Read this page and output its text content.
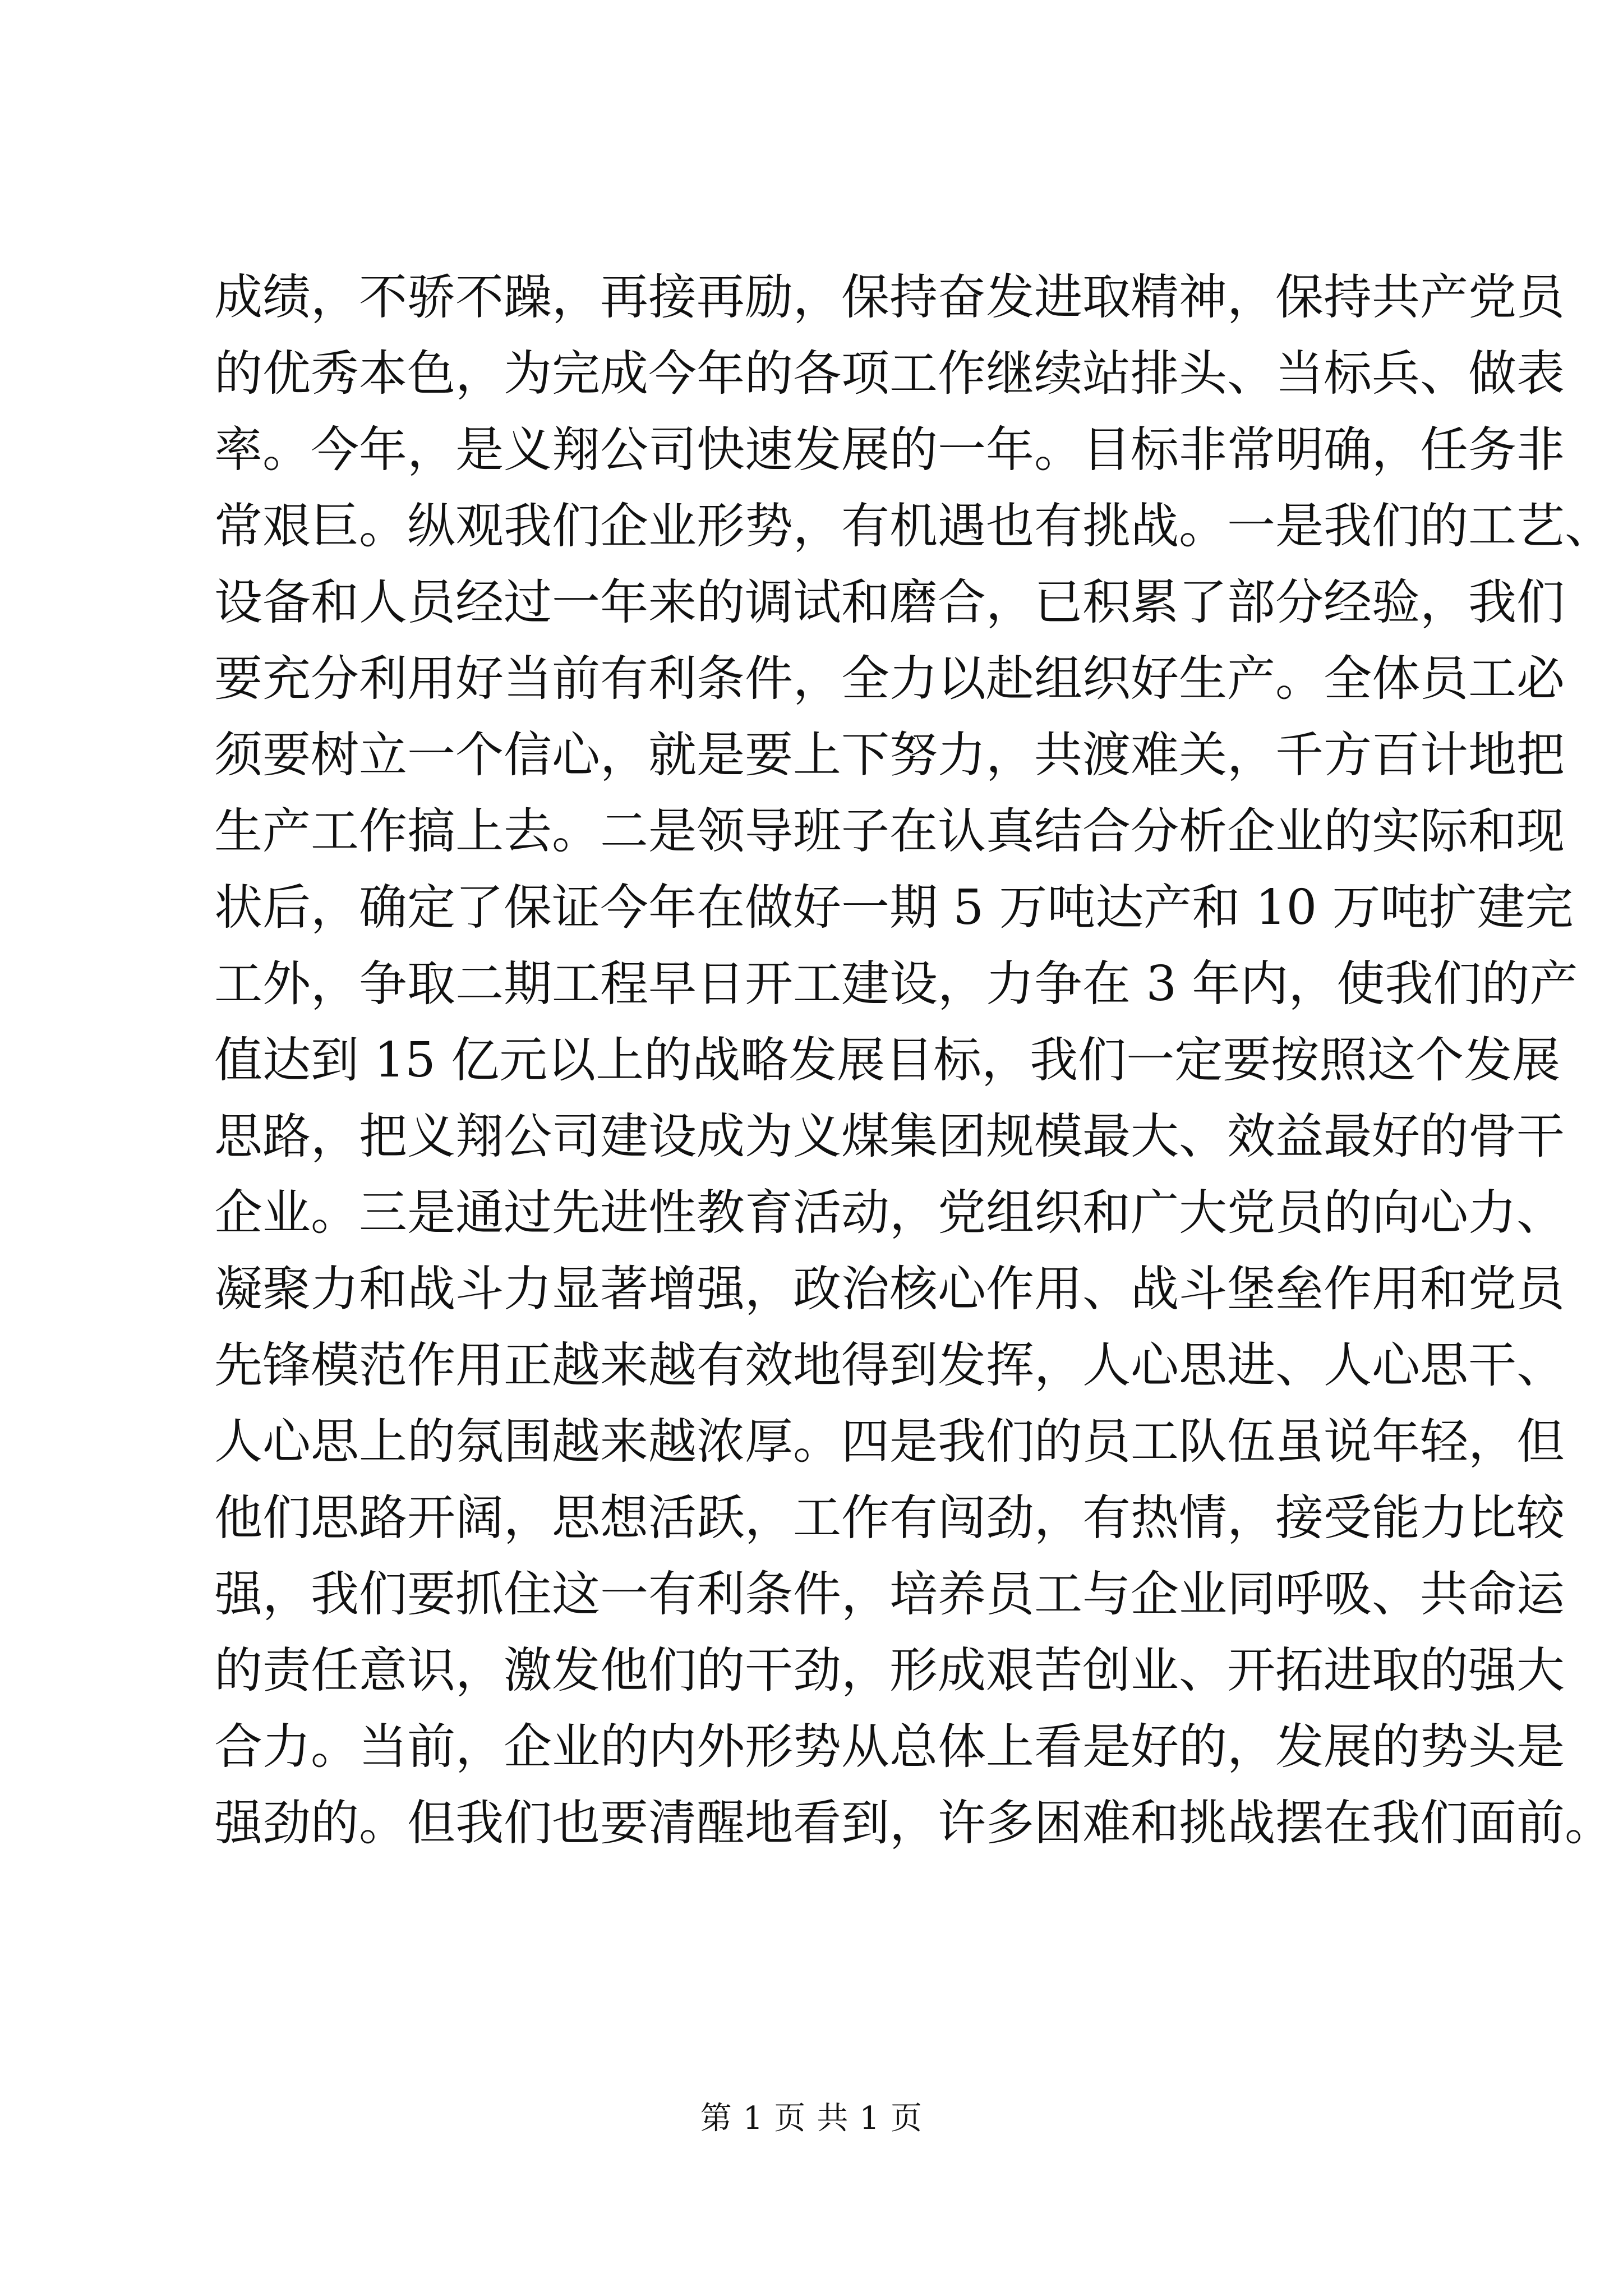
成绩，不骄不躁，再接再励，保持奋发进取精神，保持共产党员
的优秀本色，为完成今年的各项工作继续站排头、当标兵、做表
率。今年，是义翔公司快速发展的一年。目标非常明确，任务非
常艰巨。纵观我们企业形势，有机遇也有挑战。一是我们的工艺、
设备和人员经过一年来的调试和磨合，已积累了部分经验，我们
要充分利用好当前有利条件，全力以赴组织好生产。全体员工必
须要树立一个信心，就是要上下努力，共渡难关，千方百计地把
生产工作搞上去。二是领导班子在认真结合分析企业的实际和现
状后，确定了保证今年在做好一期 5 万吨达产和 10 万吨扩建完
工外，争取二期工程早日开工建设，力争在 3 年内，使我们的产
值达到 15 亿元以上的战略发展目标，我们一定要按照这个发展
思路，把义翔公司建设成为义煤集团规模最大、效益最好的骨干
企业。三是通过先进性教育活动，党组织和广大党员的向心力、
凝聚力和战斗力显著增强，政治核心作用、战斗堡垒作用和党员
先锋模范作用正越来越有效地得到发挥，人心思进、人心思干、
人心思上的氛围越来越浓厚。四是我们的员工队伍虽说年轻，但
他们思路开阔，思想活跃，工作有闯劲，有热情，接受能力比较
强，我们要抓住这一有利条件，培养员工与企业同呼吸、共命运
的责任意识，激发他们的干劲，形成艰苦创业、开拓进取的强大
合力。当前，企业的内外形势从总体上看是好的，发展的势头是
强劲的。但我们也要清醒地看到，许多困难和挑战摆在我们面前。
第 1 页 共 1 页
